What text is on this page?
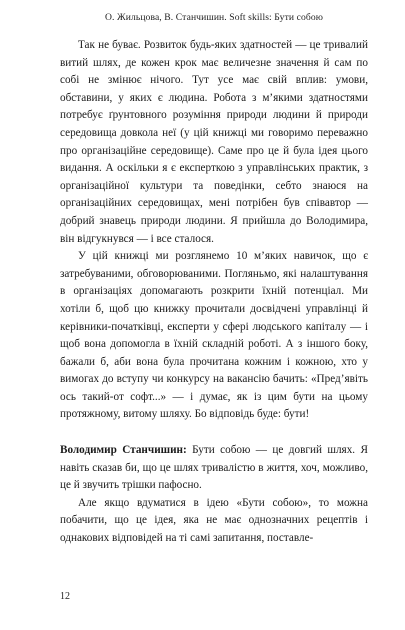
О. Жильцова, В. Станчишин. Soft skills: Бути собою

Так не буває. Розвиток будь-яких здатностей — це тривалий витий шлях, де кожен крок має величезне значення й сам по собі не змінює нічого. Тут усе має свій вплив: умови, обставини, у яких є людина. Робота з м’якими здатностями потребує ґрунтовного розуміння природи людини й природи середовища довкола неї (у цій книжці ми говоримо переважно про організаційне середовище). Саме про це й була ідея цього видання. А оскільки я є експерткою з управлінських практик, з організаційної культури та поведінки, себто знаюся на організаційних середовищах, мені потрібен був співавтор — добрий знавець природи людини. Я прийшла до Володимира, він відгукнувся — і все сталося.

У цій книжці ми розглянемо 10 м’яких навичок, що є затребуваними, обговорюваними. Погляньмо, які налаштування в організаціях допомагають розкрити їхній потенціал. Ми хотіли б, щоб цю книжку прочитали досвідчені управлінці й керівники-початківці, експерти у сфері людського капіталу — і щоб вона допомогла в їхній складній роботі. А з іншого боку, бажали б, аби вона була прочитана кожним і кожною, хто у вимогах до вступу чи конкурсу на вакансію бачить: «Пред’явіть ось такий-от софт...» — і думає, як із цим бути на цьому протяжному, витому шляху. Бо відповідь буде: бути!

Володимир Станчишин: Бути собою — це довгий шлях. Я навіть сказав би, що це шлях тривалістю в життя, хоч, можливо, це й звучить трішки пафосно.

Але якщо вдуматися в ідею «Бути собою», то можна побачити, що це ідея, яка не має однозначних рецептів і однакових відповідей на ті самі запитання, поставле-

12
